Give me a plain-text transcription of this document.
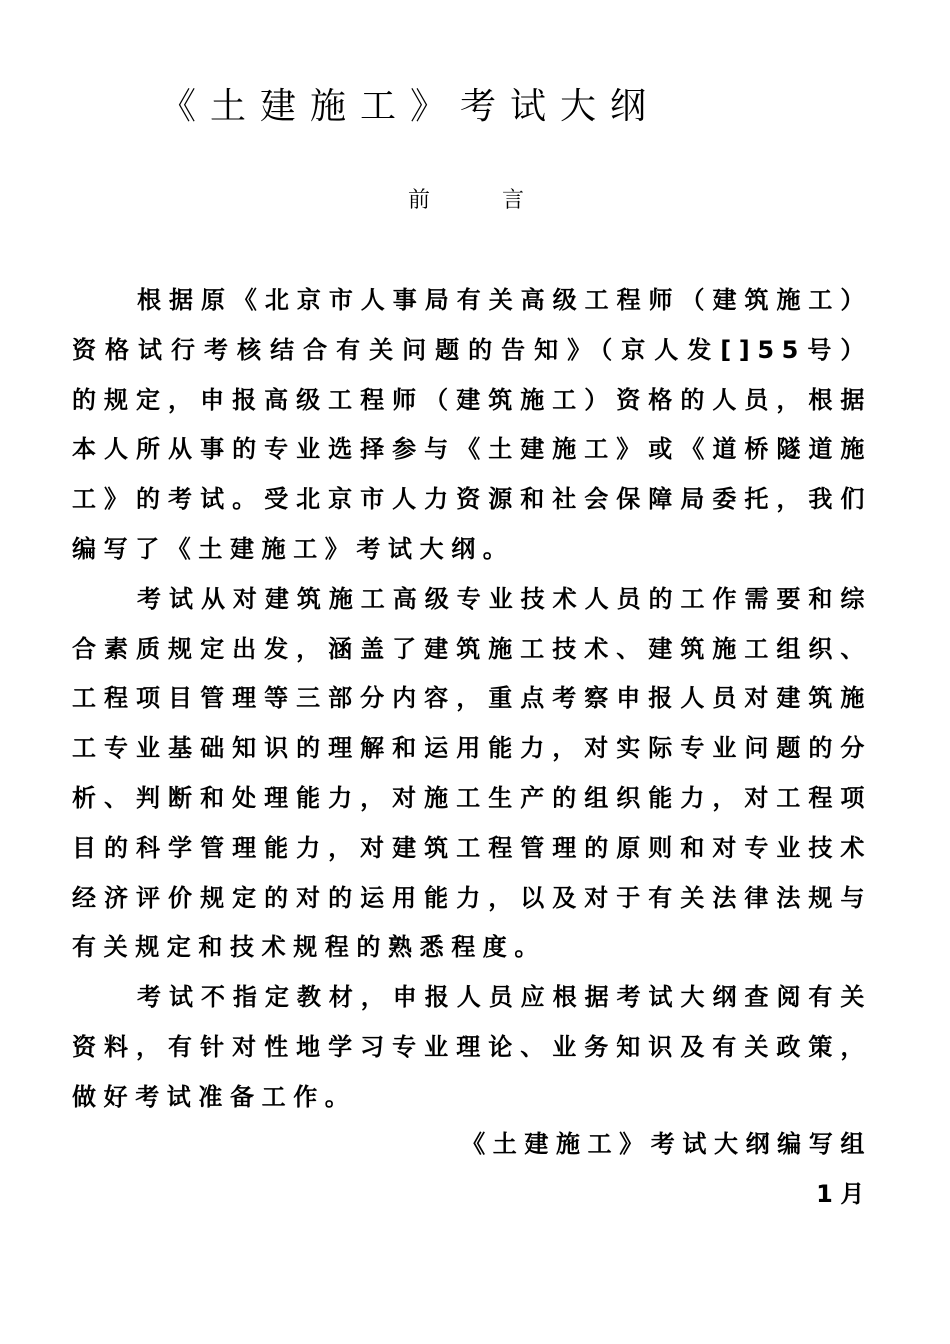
《土建施工》考试大纲
前言

根据原《北京市人事局有关高级工程师（建筑施工）资格试行考核结合有关问题的告知》（京人发[]55号）的规定，申报高级工程师（建筑施工）资格的人员，根据本人所从事的专业选择参与《土建施工》或《道桥隧道施工》的考试。受北京市人力资源和社会保障局委托，我们编写了《土建施工》考试大纲。

考试从对建筑施工高级专业技术人员的工作需要和综合素质规定出发，涵盖了建筑施工技术、建筑施工组织、工程项目管理等三部分内容，重点考察申报人员对建筑施工专业基础知识的理解和运用能力，对实际专业问题的分析、判断和处理能力，对施工生产的组织能力，对工程项目的科学管理能力，对建筑工程管理的原则和对专业技术经济评价规定的对的运用能力，以及对于有关法律法规与有关规定和技术规程的熟悉程度。

考试不指定教材，申报人员应根据考试大纲查阅有关资料，有针对性地学习专业理论、业务知识及有关政策，做好考试准备工作。

《土建施工》考试大纲编写组
1月
